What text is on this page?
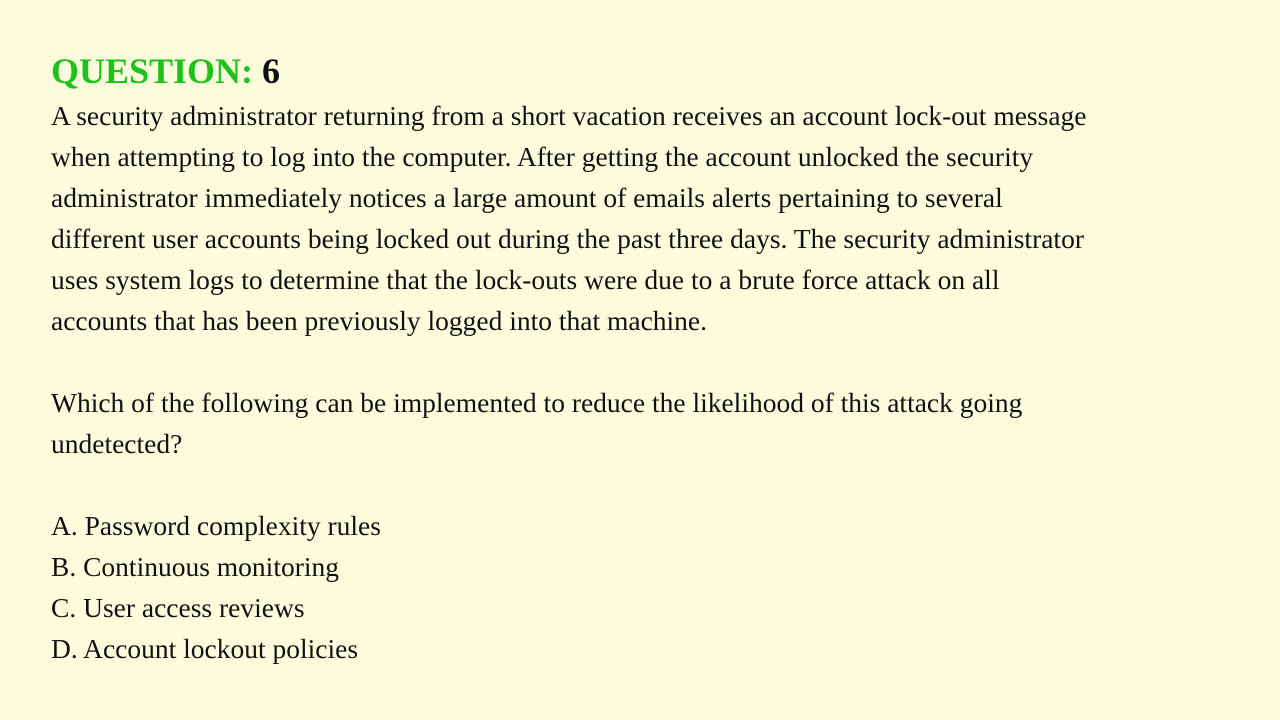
QUESTION: 6
A security administrator returning from a short vacation receives an account lock-out message
when attempting to log into the computer. After getting the account unlocked the security
administrator immediately notices a large amount of emails alerts pertaining to several
different user accounts being locked out during the past three days. The security administrator
uses system logs to determine that the lock-outs were due to a brute force attack on all
accounts that has been previously logged into that machine.
Which of the following can be implemented to reduce the likelihood of this attack going
undetected?
A. Password complexity rules
B. Continuous monitoring
C. User access reviews
D. Account lockout policies
